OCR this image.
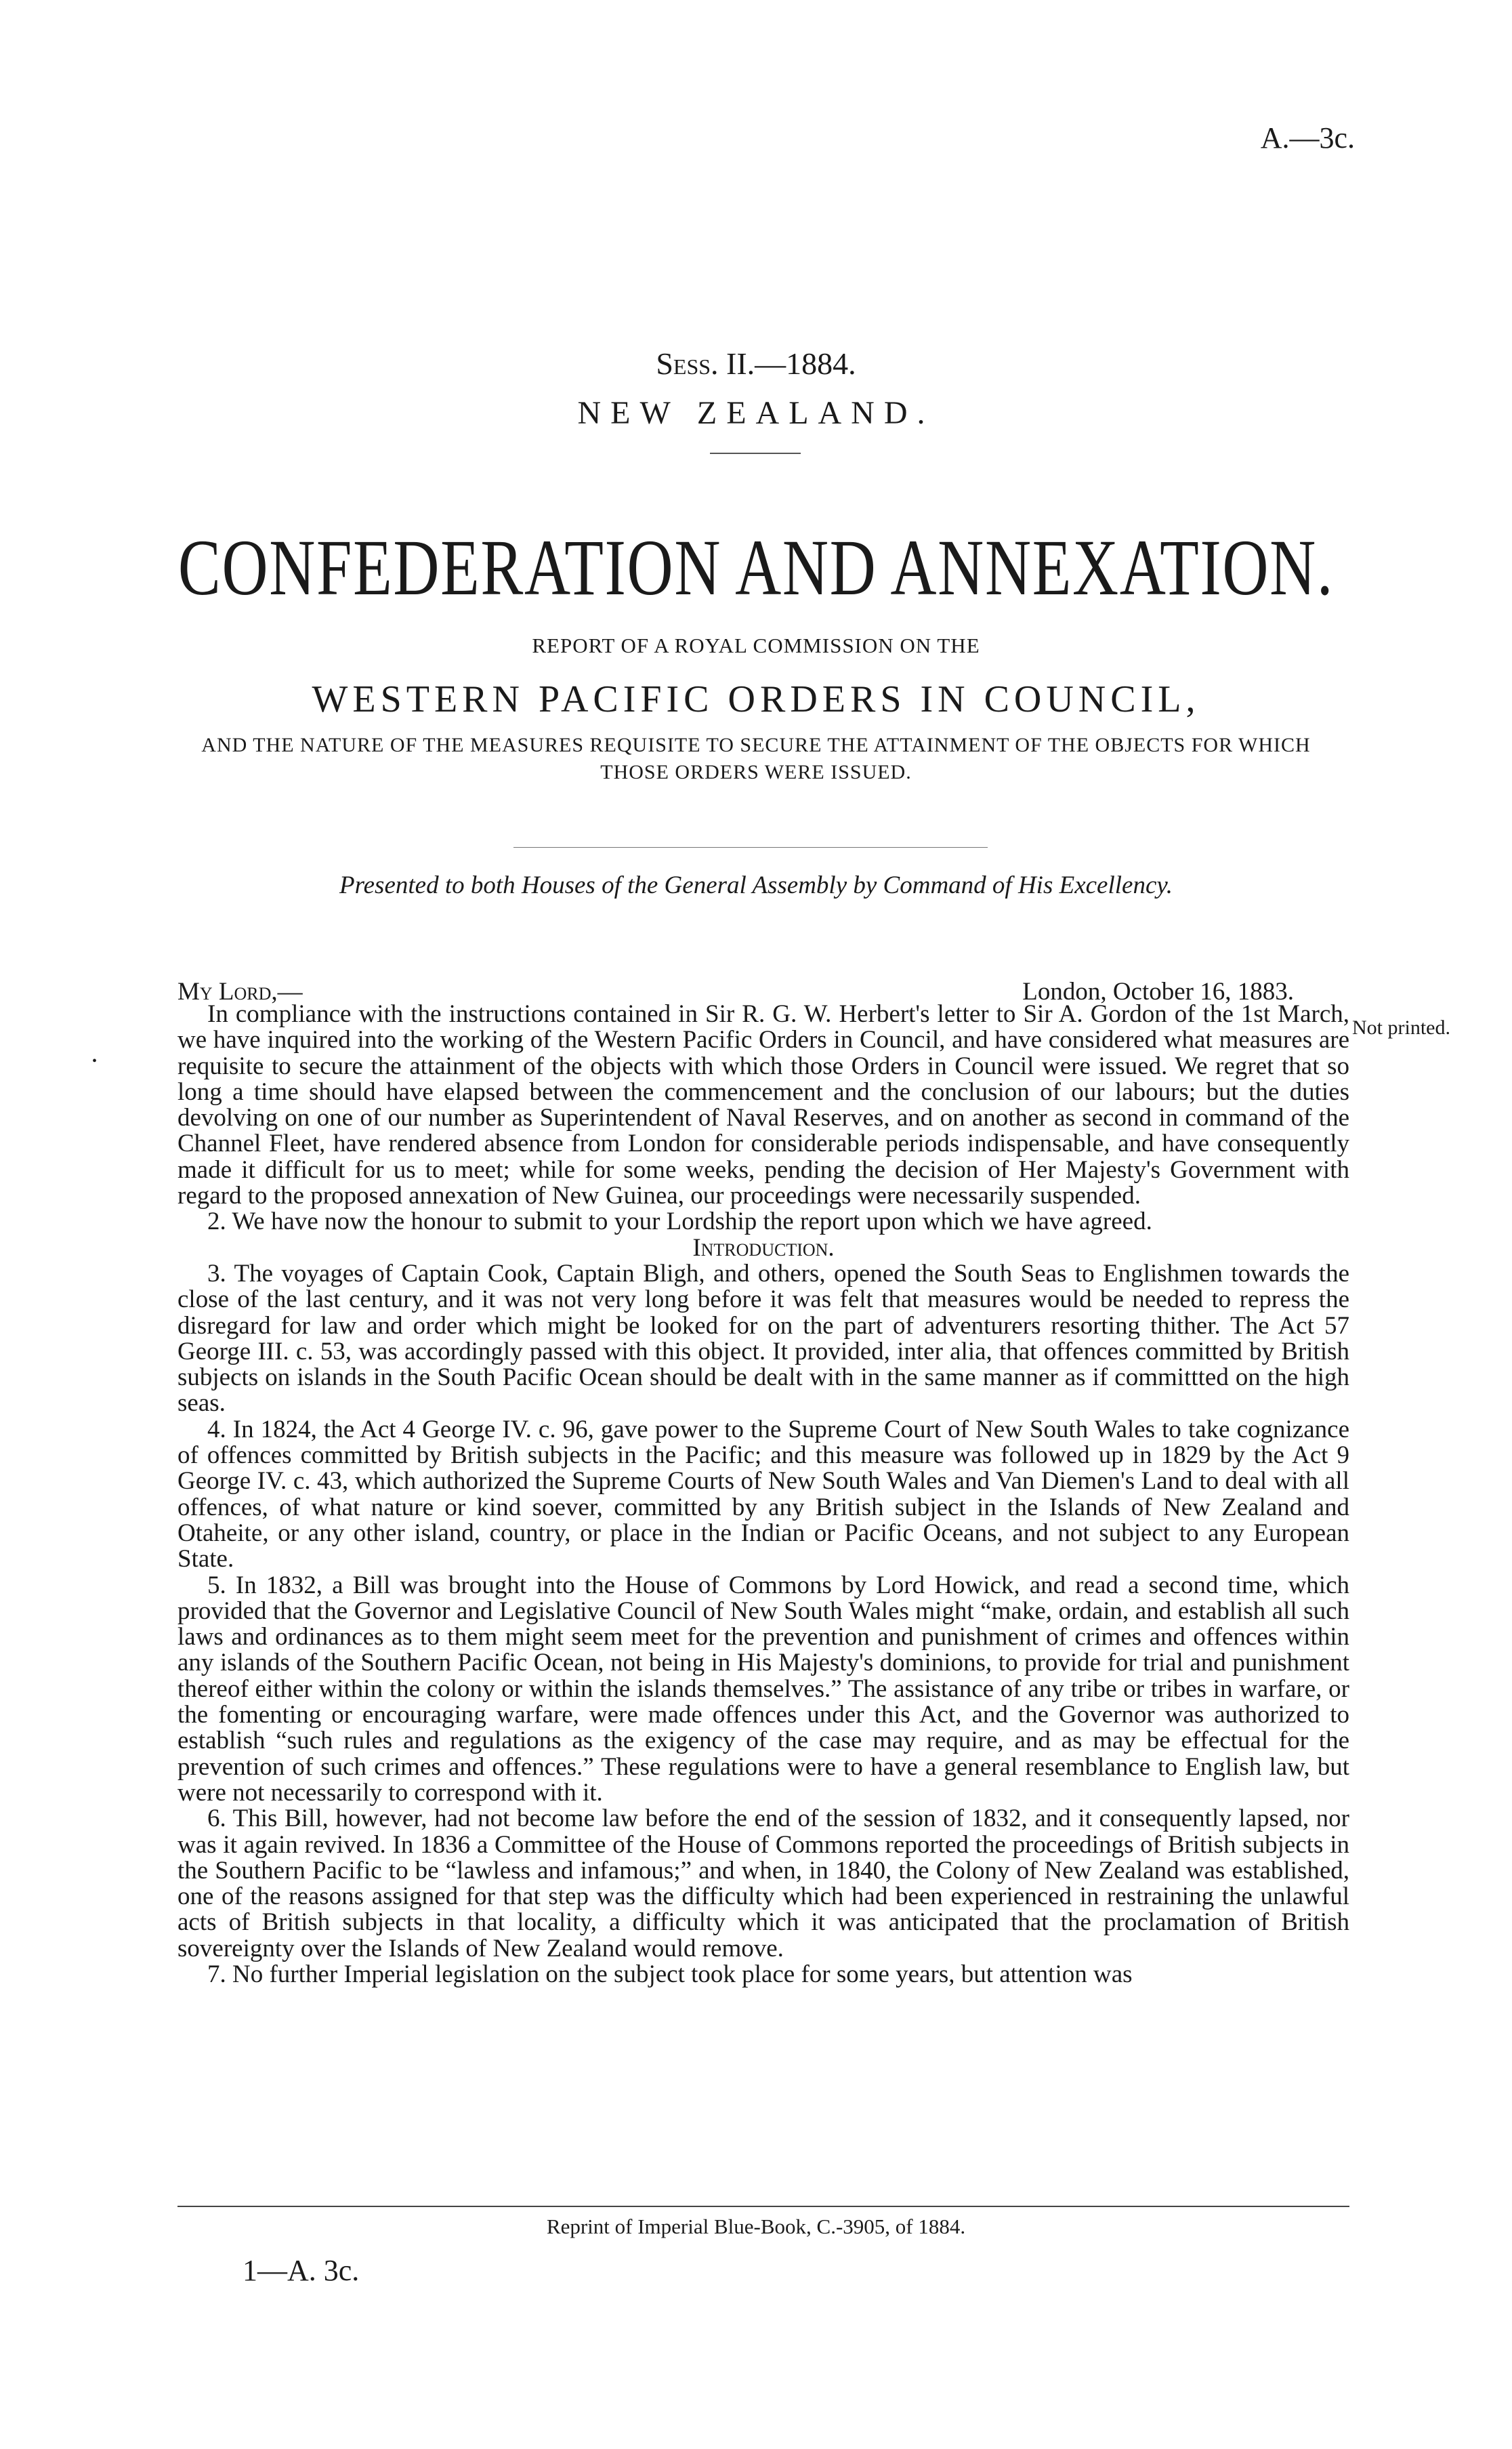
A.—3c.
Sess. II.—1884.
NEW ZEALAND.
CONFEDERATION AND ANNEXATION.
REPORT OF A ROYAL COMMISSION ON THE
WESTERN PACIFIC ORDERS IN COUNCIL,
AND THE NATURE OF THE MEASURES REQUISITE TO SECURE THE ATTAINMENT OF THE OBJECTS FOR WHICH THOSE ORDERS WERE ISSUED.
Presented to both Houses of the General Assembly by Command of His Excellency.
My Lord,—	London, October 16, 1883.
Not printed.
•

In compliance with the instructions contained in Sir R. G. W. Herbert's letter to Sir A. Gordon of the 1st March, we have inquired into the working of the Western Pacific Orders in Council, and have considered what measures are requisite to secure the attainment of the objects with which those Orders in Council were issued. We regret that so long a time should have elapsed between the commencement and the conclusion of our labours; but the duties devolving on one of our number as Superintendent of Naval Reserves, and on another as second in command of the Channel Fleet, have rendered absence from London for considerable periods indispensable, and have consequently made it difficult for us to meet; while for some weeks, pending the decision of Her Majesty's Government with regard to the proposed annexation of New Guinea, our proceedings were necessarily suspended.

2. We have now the honour to submit to your Lordship the report upon which we have agreed.

Introduction.

3. The voyages of Captain Cook, Captain Bligh, and others, opened the South Seas to Englishmen towards the close of the last century, and it was not very long before it was felt that measures would be needed to repress the disregard for law and order which might be looked for on the part of adventurers resorting thither. The Act 57 George III. c. 53, was accordingly passed with this object. It provided, inter alia, that offences committed by British subjects on islands in the South Pacific Ocean should be dealt with in the same manner as if committted on the high seas.

4. In 1824, the Act 4 George IV. c. 96, gave power to the Supreme Court of New South Wales to take cognizance of offences committed by British subjects in the Pacific; and this measure was followed up in 1829 by the Act 9 George IV. c. 43, which authorized the Supreme Courts of New South Wales and Van Diemen's Land to deal with all offences, of what nature or kind soever, committed by any British subject in the Islands of New Zealand and Otaheite, or any other island, country, or place in the Indian or Pacific Oceans, and not subject to any European State.

5. In 1832, a Bill was brought into the House of Commons by Lord Howick, and read a second time, which provided that the Governor and Legislative Council of New South Wales might “make, ordain, and establish all such laws and ordinances as to them might seem meet for the prevention and punishment of crimes and offences within any islands of the Southern Pacific Ocean, not being in His Majesty's dominions, to provide for trial and punishment thereof either within the colony or within the islands themselves.” The assistance of any tribe or tribes in warfare, or the fomenting or encouraging warfare, were made offences under this Act, and the Governor was authorized to establish “such rules and regulations as the exigency of the case may require, and as may be effectual for the prevention of such crimes and offences.” These regulations were to have a general resemblance to English law, but were not necessarily to correspond with it.

6. This Bill, however, had not become law before the end of the session of 1832, and it consequently lapsed, nor was it again revived. In 1836 a Committee of the House of Commons reported the proceedings of British subjects in the Southern Pacific to be “lawless and infamous;” and when, in 1840, the Colony of New Zealand was established, one of the reasons assigned for that step was the difficulty which had been experienced in restraining the unlawful acts of British subjects in that locality, a difficulty which it was anticipated that the proclamation of British sovereignty over the Islands of New Zealand would remove.

7. No further Imperial legislation on the subject took place for some years, but attention was

Reprint of Imperial Blue-Book, C.-3905, of 1884.
1—A. 3c.
